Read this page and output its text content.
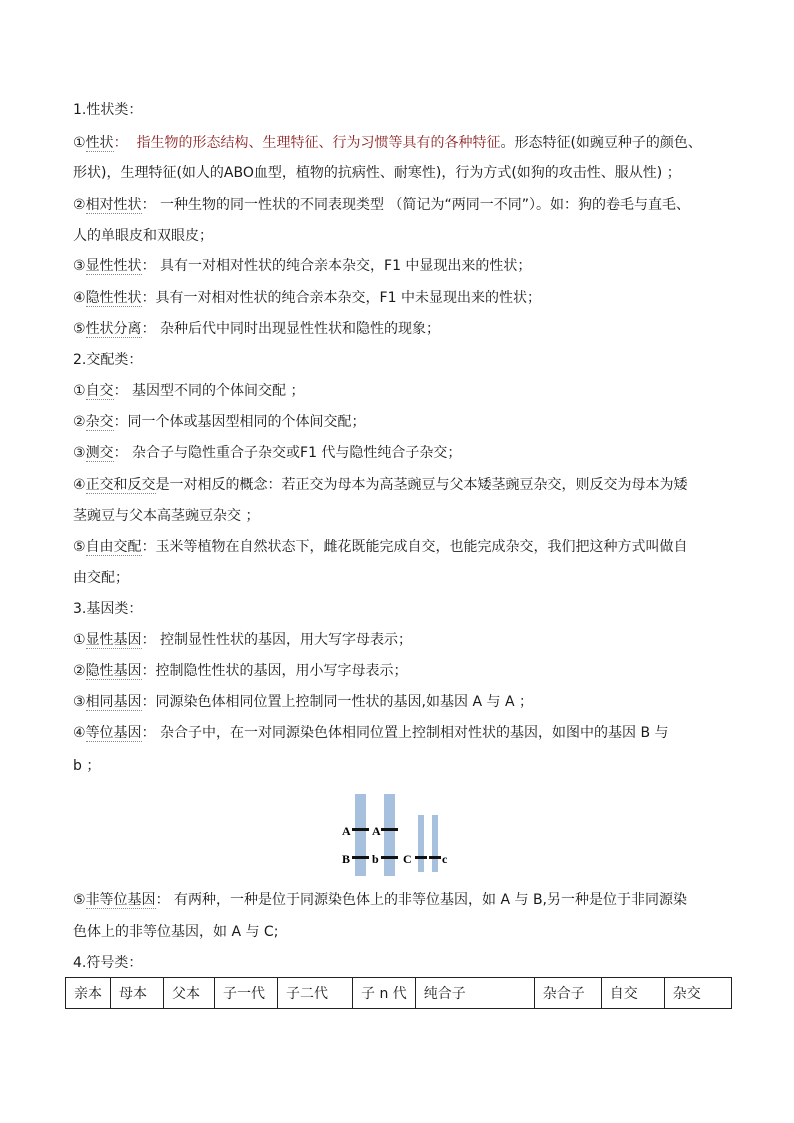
1.性状类：
①性状： 指生物的形态结构、生理特征、行为习惯等具有的各种特征。形态特征(如豌豆种子的颜色、
形状)，生理特征(如人的ABO血型，植物的抗病性、耐寒性)，行为方式(如狗的攻击性、服从性) ；
②相对性状： 一种生物的同一性状的不同表现类型 （简记为“两同一不同”）。如：狗的卷毛与直毛、
人的单眼皮和双眼皮；
③显性性状： 具有一对相对性状的纯合亲本杂交，F1 中显现出来的性状；
④隐性性状：具有一对相对性状的纯合亲本杂交，F1 中未显现出来的性状；
⑤性状分离： 杂种后代中同时出现显性性状和隐性的现象；
2.交配类：
①自交： 基因型不同的个体间交配 ；
②杂交：同一个体或基因型相同的个体间交配；
③测交： 杂合子与隐性重合子杂交或F1 代与隐性纯合子杂交；
④正交和反交是一对相反的概念：若正交为母本为高茎豌豆与父本矮茎豌豆杂交，则反交为母本为矮
茎豌豆与父本高茎豌豆杂交 ；
⑤自由交配：玉米等植物在自然状态下，雌花既能完成自交，也能完成杂交，我们把这种方式叫做自
由交配；
3.基因类：
①显性基因： 控制显性性状的基因，用大写字母表示；
②隐性基因：控制隐性性状的基因，用小写字母表示；
③相同基因：同源染色体相同位置上控制同一性状的基因,如基因 A 与 A ；
④等位基因： 杂合子中，在一对同源染色体相同位置上控制相对性状的基因，如图中的基因 B 与
b ；
A A
B b C	c
⑤非等位基因： 有两种，一种是位于同源染色体上的非等位基因，如 A 与 B,另一种是位于非同源染
色体上的非等位基因，如 A 与 C;
4.符号类：
亲本	母本	父本	子一代	子二代	子 n 代	纯合子	杂合子	自交	杂交
